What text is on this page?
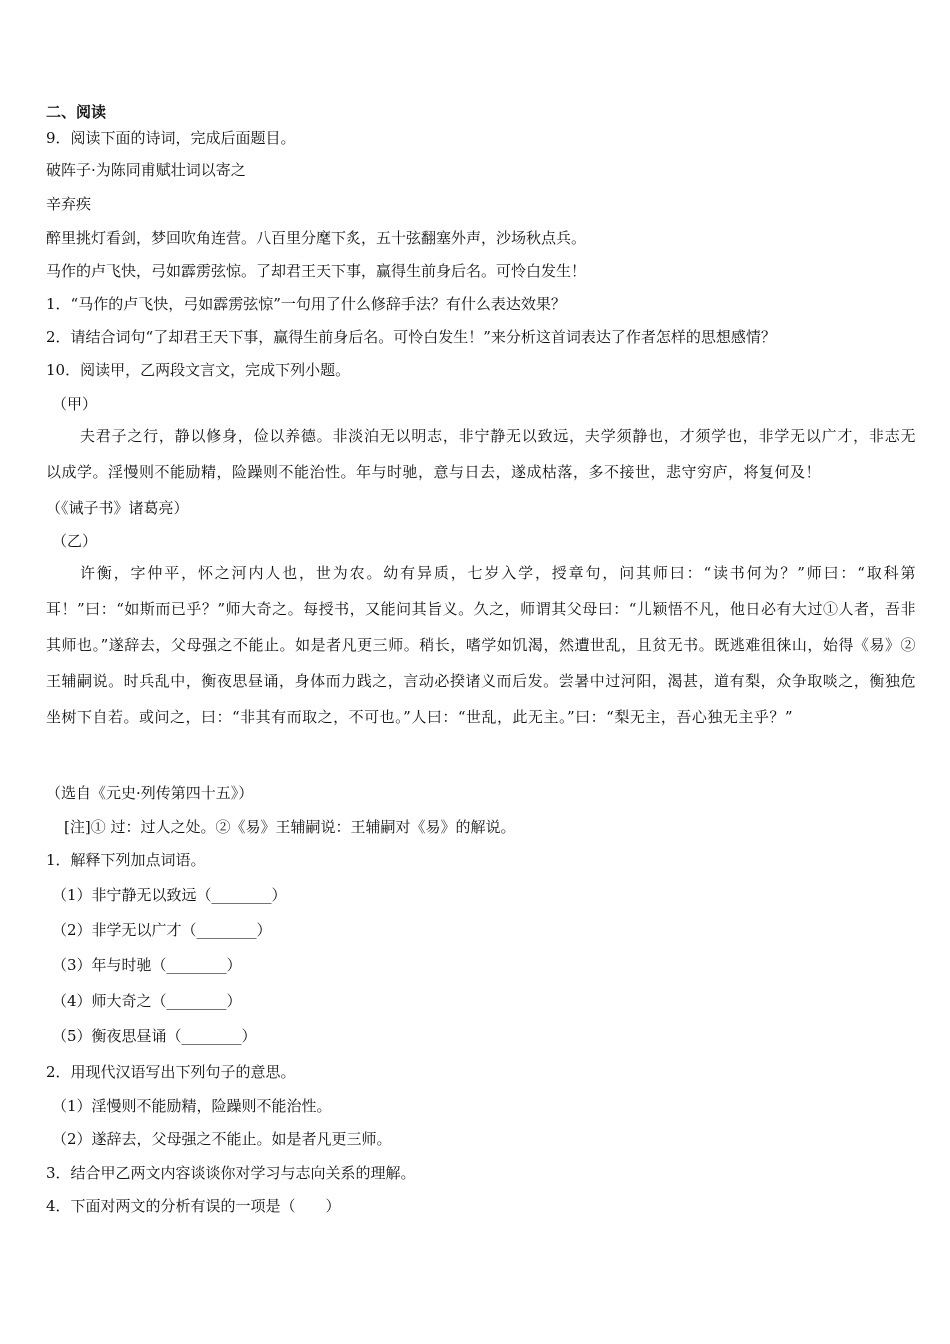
二、阅读
9．阅读下面的诗词，完成后面题目。
破阵子·为陈同甫赋壮词以寄之
辛弃疾
醉里挑灯看剑，梦回吹角连营。八百里分麾下炙，五十弦翻塞外声，沙场秋点兵。
马作的卢飞快，弓如霹雳弦惊。了却君王天下事，赢得生前身后名。可怜白发生！
1．“马作的卢飞快，弓如霹雳弦惊”一句用了什么修辞手法？有什么表达效果？
2．请结合词句“了却君王天下事，赢得生前身后名。可怜白发生！”来分析这首词表达了作者怎样的思想感情？
10．阅读甲，乙两段文言文，完成下列小题。
（甲）
夫君子之行，静以修身，俭以养德。非淡泊无以明志，非宁静无以致远，夫学须静也，才须学也，非学无以广才，非志无以成学。淫慢则不能励精，险躁则不能治性。年与时驰，意与日去，遂成枯落，多不接世，悲守穷庐，将复何及！
（《诫子书》诸葛亮）
（乙）
许衡，字仲平，怀之河内人也，世为农。幼有异质，七岁入学，授章句，问其师曰：“读书何为？”师曰：“取科第耳！”曰：“如斯而已乎？”师大奇之。每授书，又能问其旨义。久之，师谓其父母曰：“儿颖悟不凡，他日必有大过①人者，吾非其师也。”遂辞去，父母强之不能止。如是者凡更三师。稍长，嗜学如饥渴，然遭世乱，且贫无书。既逃难徂徕山，始得《易》②王辅嗣说。时兵乱中，衡夜思昼诵，身体而力践之，言动必揆诸义而后发。尝暑中过河阳，渴甚，道有梨，众争取啖之，衡独危坐树下自若。或问之，曰：“非其有而取之，不可也。”人曰：“世乱，此无主。”曰：“梨无主，吾心独无主乎？”
（选自《元史·列传第四十五》）
[注]① 过：过人之处。②《易》王辅嗣说：王辅嗣对《易》的解说。
1．解释下列加点词语。
（1）非宁静无以致远（________）
（2）非学无以广才（________）
（3）年与时驰（________）
（4）师大奇之（________）
（5）衡夜思昼诵（________）
2．用现代汉语写出下列句子的意思。
（1）淫慢则不能励精，险躁则不能治性。
（2）遂辞去，父母强之不能止。如是者凡更三师。
3．结合甲乙两文内容谈谈你对学习与志向关系的理解。
4．下面对两文的分析有误的一项是（　　）
